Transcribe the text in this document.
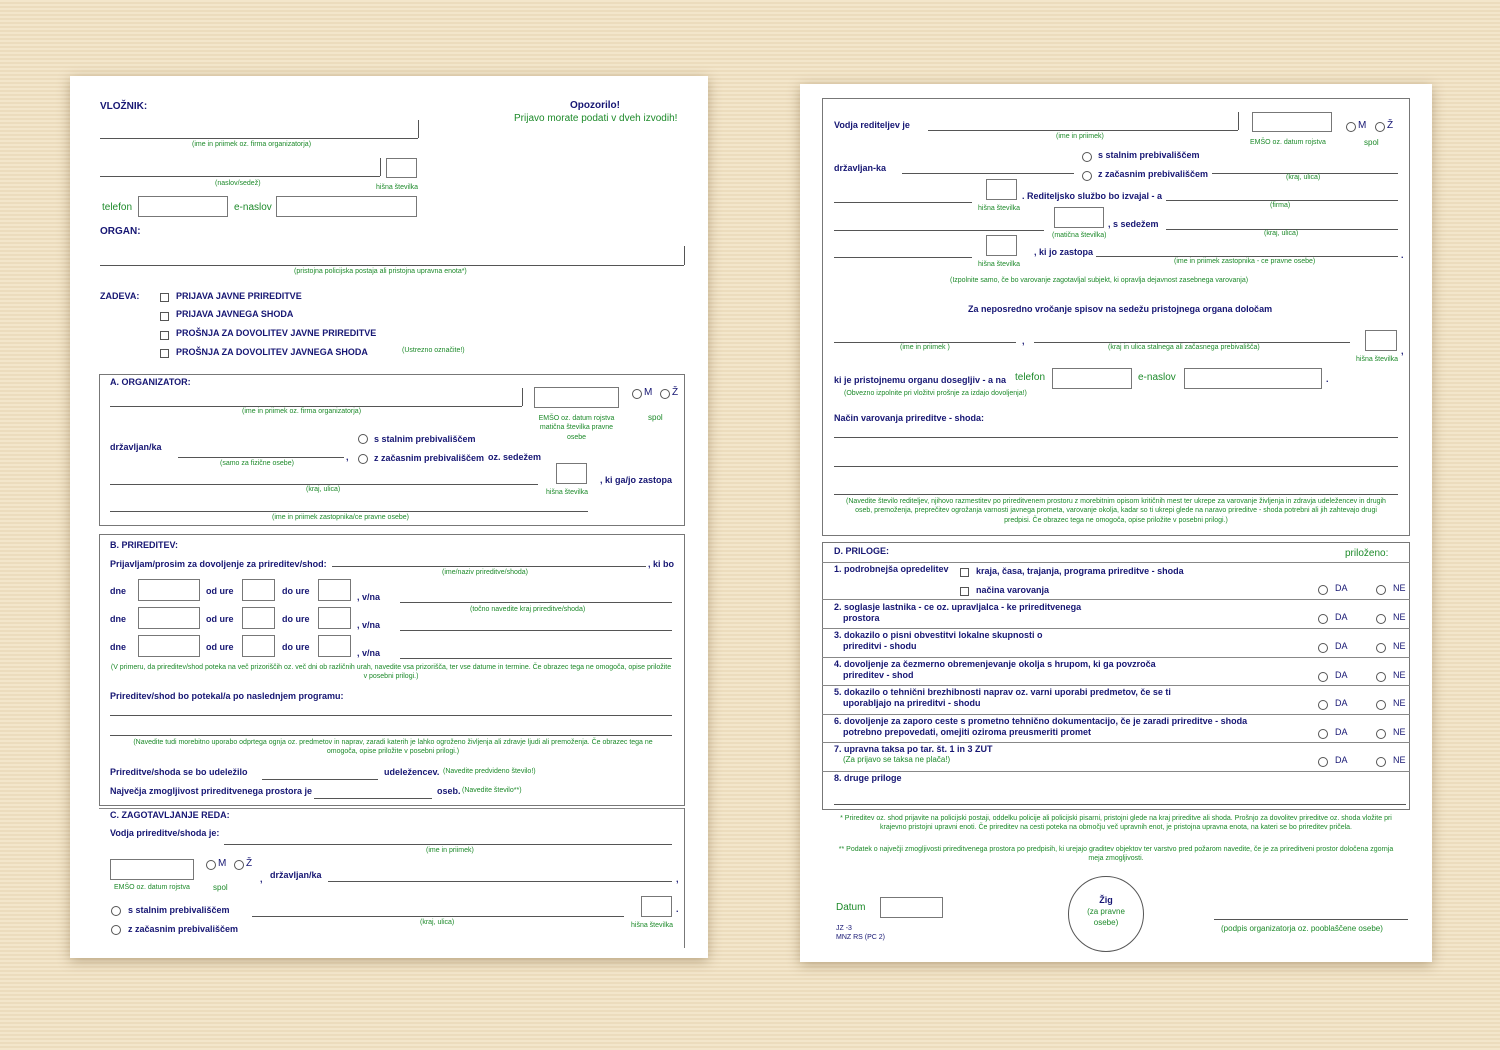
VLOŽNIK:	Opozorilo!
Prijavo morate podati v dveh izvodih!
(ime in priimek oz. firma organizatorja)
(naslov/sedež)
hišna številka
telefon	e-naslov
ORGAN:
(pristojna policijska postaja ali pristojna upravna enota*)
ZADEVA:	PRIJAVA JAVNE PRIREDITVE
PRIJAVA JAVNEGA SHODA
PROŠNJA ZA DOVOLITEV JAVNE PRIREDITVE
PROŠNJA ZA DOVOLITEV JAVNEGA SHODA	(Ustrezno označite!)
A. ORGANIZATOR:
(ime in priimek oz. firma organizatorja)
EMŠO oz. datum rojstva matična številka pravne osebe
M Ž
spol
državljan/ka
(samo za fizične osebe)
,
s stalnim prebivališčem
z začasnim prebivališčem oz. sedežem
(kraj, ulica)	hišna številka
, ki ga/jo zastopa
(ime in priimek zastopnika/ce pravne osebe)
B. PRIREDITEV:
Prijavljam/prosim za dovoljenje za prireditev/shod:	, ki bo
(ime/naziv prireditve/shoda)
dne	od ure	do ure
, v/na
(točno navedite kraj prireditve/shoda)
dne	od ure	do ure
, v/na
dne	od ure	do ure
, v/na
(V primeru, da prireditev/shod poteka na več prizoriščih oz. več dni ob različnih urah, navedite vsa prizorišča, ter vse datume in termine. Če obrazec tega ne omogoča, opise priložite v posebni prilogi.)
Prireditev/shod bo potekal/a po naslednjem programu:
(Navedite tudi morebitno uporabo odprtega ognja oz. predmetov in naprav, zaradi katerih je lahko ogroženo življenja ali zdravje ljudi ali premoženja. Če obrazec tega ne omogoča, opise priložite v posebni prilogi.)
Prireditve/shoda se bo udeležilo	udeležencev. (Navedite predvideno število!)
Največja zmogljivost prireditvenega prostora je	oseb. (Navedite število**)
C. ZAGOTAVLJANJE REDA:
Vodja prireditve/shoda je:
(ime in priimek)
EMŠO oz. datum rojstva
M Ž
spol
, državljan/ka	,
s stalnim prebivališčem
z začasnim prebivališčem
(kraj, ulica)
.
hišna številka
Vodja rediteljev je
(ime in priimek)
EMŠO oz. datum rojstva
M Ž
spol
s stalnim prebivališčem
z začasnim prebivališčem
državljan-ka
(kraj, ulica)
hišna številka
. Rediteljsko službo bo izvajal - a
(firma)
(matična številka)
, s sedežem
(kraj, ulica)
hišna številka
, ki jo zastopa	.
(ime in priimek zastopnika - ce pravne osebe)
(Izpolnite samo, če bo varovanje zagotavljal subjekt, ki opravlja dejavnost zasebnega varovanja)
Za neposredno vročanje spisov na sedežu pristojnega organa določam
(ime in priimek )
,
(kraj in ulica stalnega ali začasnega prebivališča)
hišna številka
,
ki je pristojnemu organu dosegljiv - a na telefon	e-naslov	.
(Obvezno izpolnite pri vložitvi prošnje za izdajo dovoljenja!)
Način varovanja prireditve - shoda:
(Navedite število rediteljev, njihovo razmestitev po prireditvenem prostoru z morebitnim opisom kritičnih mest ter ukrepe za varovanje življenja in zdravja udeležencev in drugih oseb, premoženja, preprečitev ogrožanja varnosti javnega prometa, varovanje okolja, kadar so ti ukrepi glede na naravo prireditve - shoda potrebni ali jih zahtevajo drugi predpisi. Če obrazec tega ne omogoča, opise priložite v posebni prilogi.)
D. PRILOGE:	priloženo:
1. podrobnejša opredelitev	kraja, časa, trajanja, programa prireditve - shoda
načina varovanja	DA	NE
2. soglasje lastnika - ce oz. upravljalca - ke prireditvenega
prostora	DA	NE
3. dokazilo o pisni obvestitvi lokalne skupnosti o
prireditvi - shodu	DA	NE
4. dovoljenje za čezmerno obremenjevanje okolja s hrupom, ki ga povzroča
prireditev - shod	DA	NE
5. dokazilo o tehnični brezhibnosti naprav oz. varni uporabi predmetov, če se ti
uporabljajo na prireditvi - shodu	DA	NE
6. dovoljenje za zaporo ceste s prometno tehnično dokumentacijo, če je zaradi prireditve - shoda
potrebno prepovedati, omejiti oziroma preusmeriti promet	DA	NE
7. upravna taksa po tar. št. 1 in 3 ZUT
(Za prijavo se taksa ne plača!)	DA	NE
8. druge priloge
* Prireditev oz. shod prijavite na policijski postaji, oddelku policije ali policijski pisarni, pristojni glede na kraj prireditve ali shoda. Prošnjo za dovolitev prireditve oz. shoda vložite pri krajevno pristojni upravni enoti. Če prireditev na cesti poteka na območju več upravnih enot, je pristojna upravna enota, na kateri se bo prireditev pričela.
** Podatek o največji zmogljivosti prireditvenega prostora po predpisih, ki urejajo graditev objektov ter varstvo pred požarom navedite, če je za prireditveni prostor določena zgornja meja zmogljivosti.
Datum
Žig
(za pravne osebe)
(podpis organizatorja oz. pooblaščene osebe)
JZ -3
MNZ RS (PC 2)
